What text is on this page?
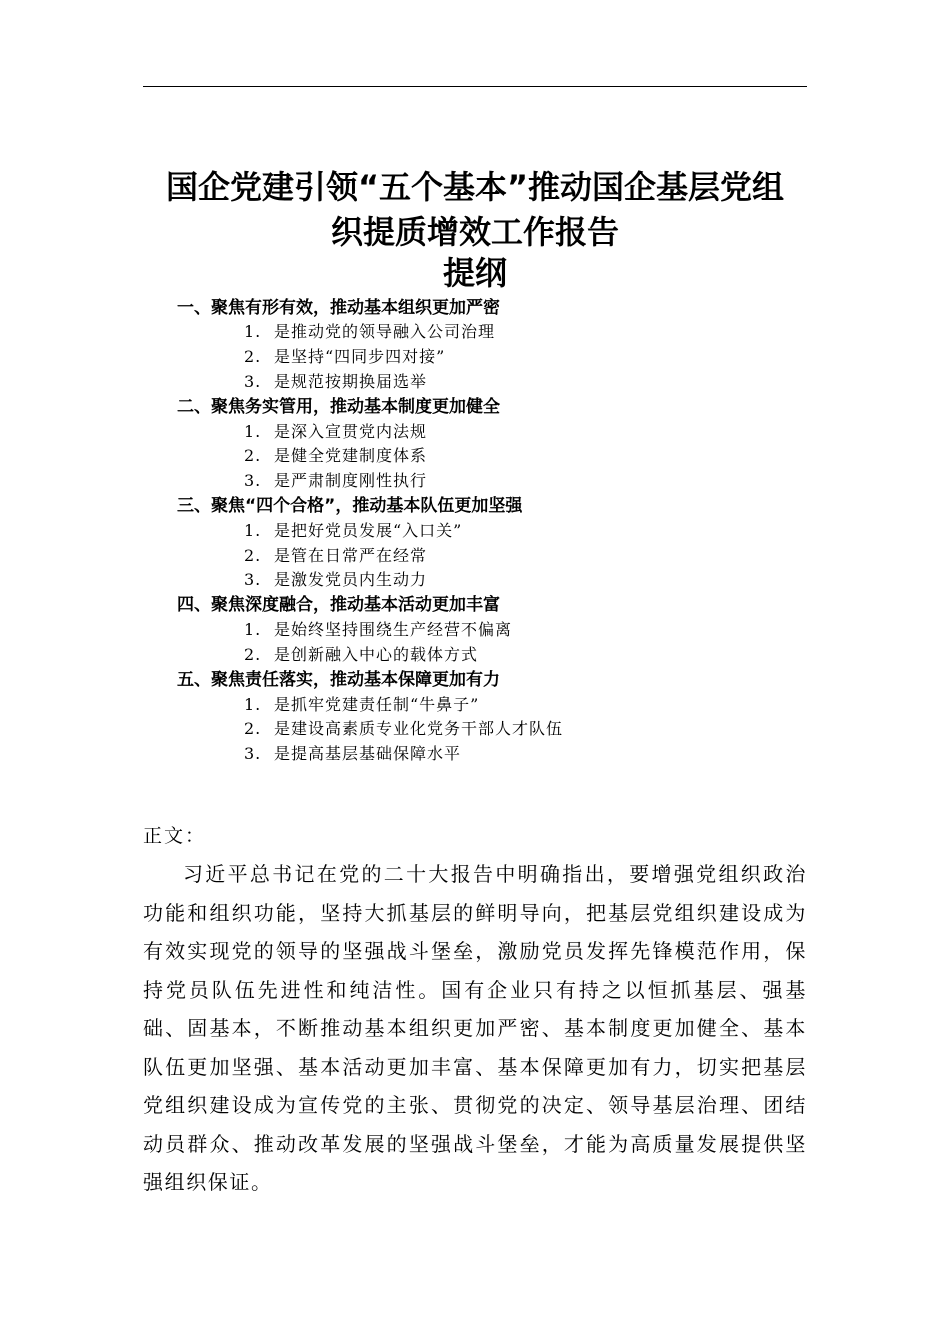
国企党建引领“五个基本”推动国企基层党组
织提质增效工作报告
提纲
一、聚焦有形有效，推动基本组织更加严密
1. 是推动党的领导融入公司治理
2. 是坚持“四同步四对接”
3. 是规范按期换届选举
二、聚焦务实管用，推动基本制度更加健全
1. 是深入宣贯党内法规
2. 是健全党建制度体系
3. 是严肃制度刚性执行
三、聚焦“四个合格”，推动基本队伍更加坚强
1. 是把好党员发展“入口关”
2. 是管在日常严在经常
3. 是激发党员内生动力
四、聚焦深度融合，推动基本活动更加丰富
1. 是始终坚持围绕生产经营不偏离
2. 是创新融入中心的载体方式
五、聚焦责任落实，推动基本保障更加有力
1. 是抓牢党建责任制“牛鼻子”
2. 是建设高素质专业化党务干部人才队伍
3. 是提高基层基础保障水平
正文：
习近平总书记在党的二十大报告中明确指出，要增强党组织政治功能和组织功能，坚持大抓基层的鲜明导向，把基层党组织建设成为有效实现党的领导的坚强战斗堡垒，激励党员发挥先锋模范作用，保持党员队伍先进性和纯洁性。国有企业只有持之以恒抓基层、强基础、固基本，不断推动基本组织更加严密、基本制度更加健全、基本队伍更加坚强、基本活动更加丰富、基本保障更加有力，切实把基层党组织建设成为宣传党的主张、贯彻党的决定、领导基层治理、团结动员群众、推动改革发展的坚强战斗堡垒，才能为高质量发展提供坚强组织保证。
